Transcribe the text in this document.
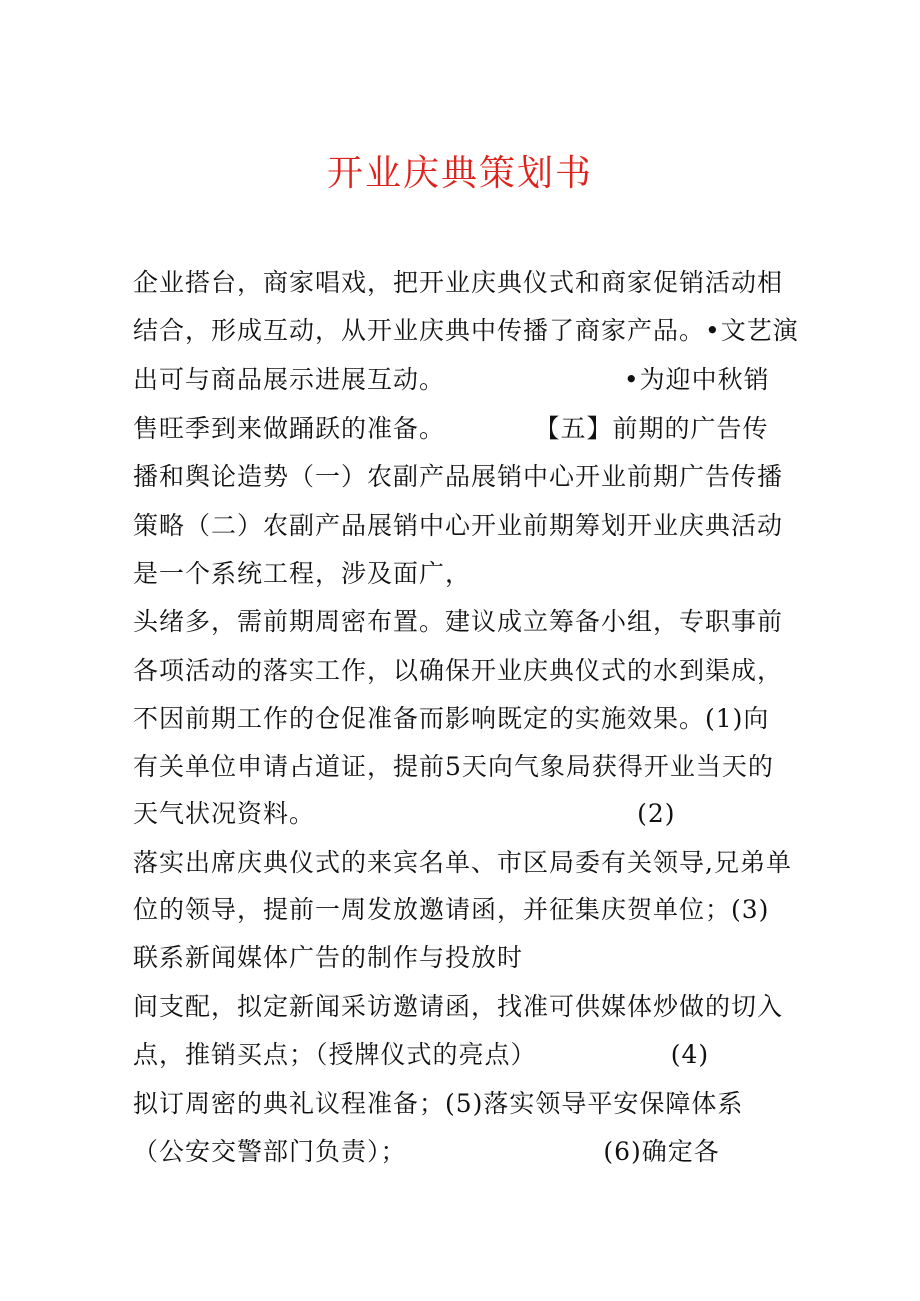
开业庆典策划书
企业搭台，商家唱戏，把开业庆典仪式和商家促销活动相
结合，形成互动，从开业庆典中传播了商家产品。•文艺演
出可与商品展示进展互动。                    •为迎中秋销
售旺季到来做踊跃的准备。          【五】前期的广告传
播和舆论造势（一）农副产品展销中心开业前期广告传播
策略（二）农副产品展销中心开业前期筹划开业庆典活动
是一个系统工程，涉及面广，
头绪多，需前期周密布置。建议成立筹备小组，专职事前
各项活动的落实工作，以确保开业庆典仪式的水到渠成，
不因前期工作的仓促准备而影响既定的实施效果。(1)向
有关单位申请占道证，提前5天向气象局获得开业当天的
天气状况资料。                                    (2)
落实出席庆典仪式的来宾名单、市区局委有关领导,兄弟单
位的领导，提前一周发放邀请函，并征集庆贺单位；(3)
联系新闻媒体广告的制作与投放时
间支配，拟定新闻采访邀请函，找准可供媒体炒做的切入
点，推销买点；（授牌仪式的亮点）               (4)
拟订周密的典礼议程准备；(5)落实领导平安保障体系
（公安交警部门负责）；                      (6)确定各
